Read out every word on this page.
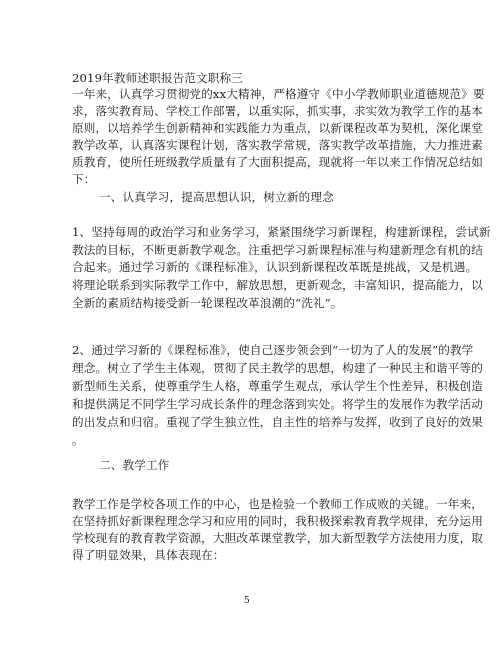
2019年教师述职报告范文职称三
一年来，认真学习贯彻党的xx大精神，严格遵守《中小学教师职业道德规范》要
求，落实教育局、学校工作部署，以重实际，抓实事，求实效为教学工作的基本
原则，以培养学生创新精神和实践能力为重点，以新课程改革为契机，深化课堂
教学改革，认真落实课程计划，落实教学常规，落实教学改革措施，大力推进素
质教育，使所任班级教学质量有了大面积提高，现就将一年以来工作情况总结如
下：
一、认真学习，提高思想认识，树立新的理念
1、坚持每周的政治学习和业务学习，紧紧围绕学习新课程，构建新课程，尝试新
教法的目标，不断更新教学观念。注重把学习新课程标准与构建新理念有机的结
合起来。通过学习新的《课程标准》，认识到新课程改革既是挑战，又是机遇。
将理论联系到实际教学工作中，解放思想，更新观念，丰富知识，提高能力，以
全新的素质结构接受新一轮课程改革浪潮的“洗礼”。
2、通过学习新的《课程标准》，使自己逐步领会到“一切为了人的发展”的教学
理念。树立了学生主体观，贯彻了民主教学的思想，构建了一种民主和谐平等的
新型师生关系，使尊重学生人格，尊重学生观点，承认学生个性差异，积极创造
和提供满足不同学生学习成长条件的理念落到实处。将学生的发展作为教学活动
的出发点和归宿。重视了学生独立性，自主性的培养与发挥，收到了良好的效果
。
二、教学工作
教学工作是学校各项工作的中心，也是检验一个教师工作成败的关键。一年来，
在坚持抓好新课程理念学习和应用的同时，我积极探索教育教学规律，充分运用
学校现有的教育教学资源，大胆改革课堂教学，加大新型教学方法使用力度，取
得了明显效果，具体表现在：
5
